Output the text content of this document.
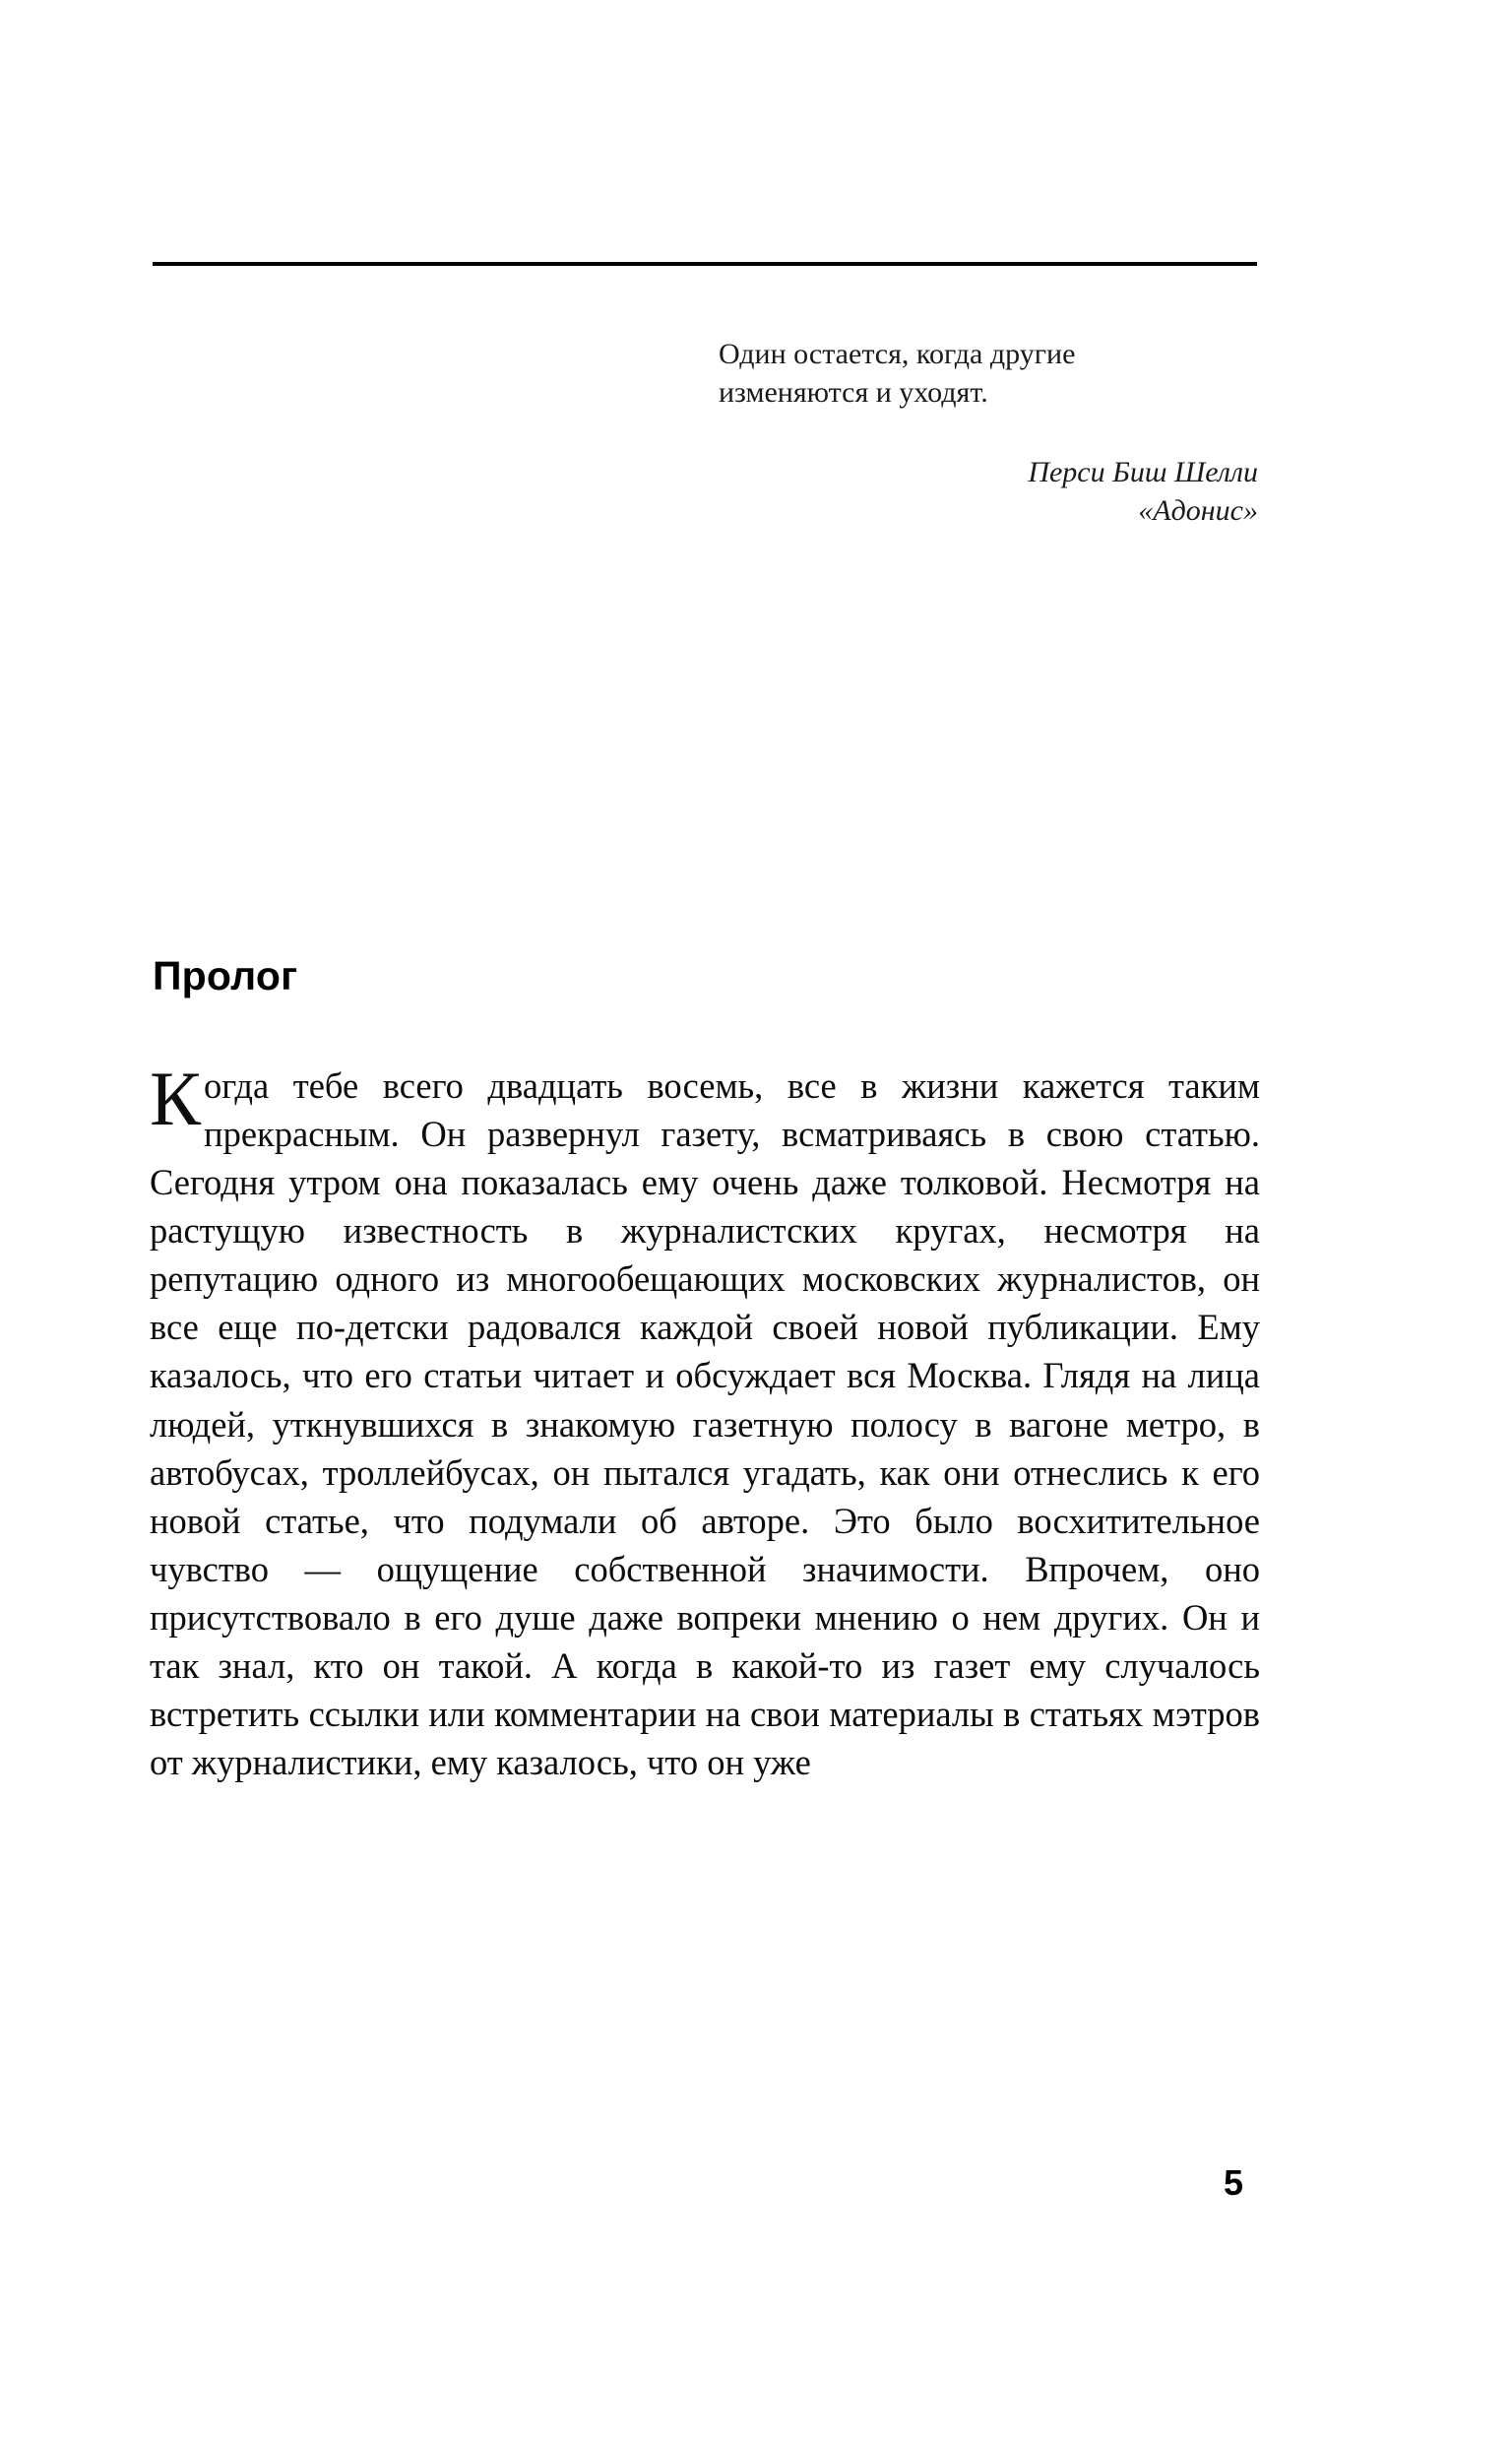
Один остается, когда другие
изменяются и уходят.
Перси Биш Шелли
«Адонис»
Пролог

Когда тебе всего двадцать восемь, все в жизни кажется таким прекрасным. Он развернул газету, всматриваясь в свою статью. Сегодня утром она показалась ему очень даже толковой. Несмотря на растущую известность в журналистских кругах, несмотря на репутацию одного из многообещающих московских журналистов, он все еще по-детски радовался каждой своей новой публикации. Ему казалось, что его статьи читает и обсуждает вся Москва. Глядя на лица людей, уткнувшихся в знакомую газетную полосу в вагоне метро, в автобусах, троллейбусах, он пытался угадать, как они отнеслись к его новой статье, что подумали об авторе. Это было восхитительное чувство — ощущение собственной значимости. Впрочем, оно присутствовало в его душе даже вопреки мнению о нем других. Он и так знал, кто он такой. А когда в какой-то из газет ему случалось встретить ссылки или комментарии на свои материалы в статьях мэтров от журналистики, ему казалось, что он уже

5
